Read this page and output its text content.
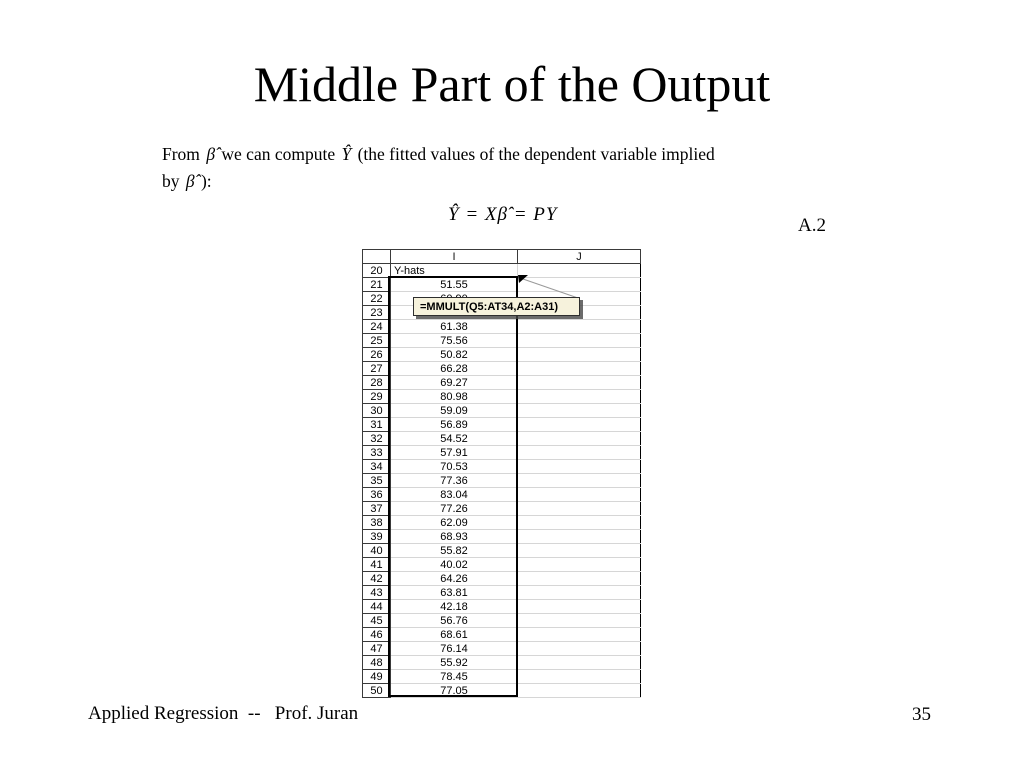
Middle Part of the Output
From β̂ we can compute Ŷ (the fitted values of the dependent variable implied
by β̂ ):
Ŷ = Xβ̂ = PY
A.2
	I	J
20	Y-hats	
21	51.55	
22		
23		
24	61.38	
25	75.56	
26	50.82	
27	66.28	
28	69.27	
29	80.98	
30	59.09	
31	56.89	
32	54.52	
33	57.91	
34	70.53	
35	77.36	
36	83.04	
37	77.26	
38	62.09	
39	68.93	
40	55.82	
41	40.02	
42	64.26	
43	63.81	
44	42.18	
45	56.76	
46	68.61	
47	76.14	
48	55.92	
49	78.45	
50	77.05	
=MMULT(Q5:AT34,A2:A31)
Applied Regression  --   Prof. Juran	35
